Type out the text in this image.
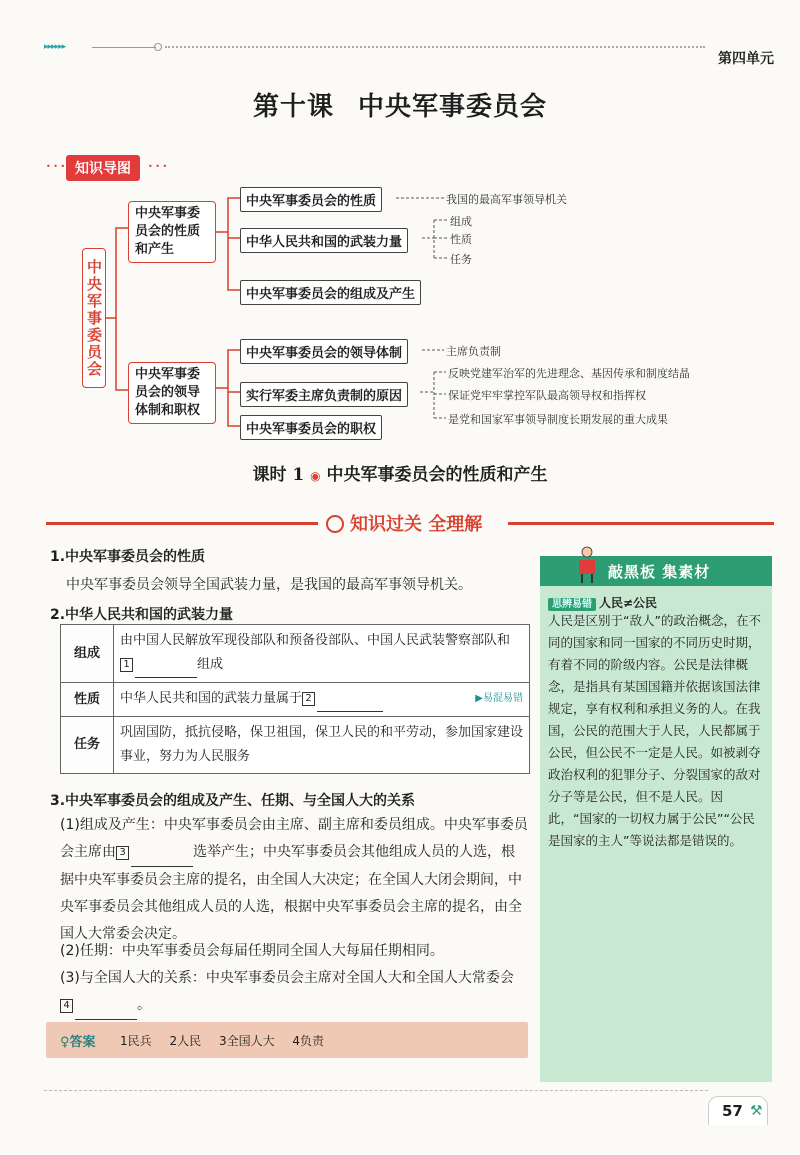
▸▸▸▸▸▸
第四单元
第十课 中央军事委员会
• • • 知识导图	• • •
中央军事委员会
中央军事委员会的性质和产生
中央军事委员会的领导体制和职权
中央军事委员会的性质
中华人民共和国的武装力量
中央军事委员会的组成及产生
中央军事委员会的领导体制
实行军委主席负责制的原因
中央军事委员会的职权
我国的最高军事领导机关
组成
性质
任务
主席负责制
反映党建军治军的先进理念、基因传承和制度结晶
保证党牢牢掌控军队最高领导权和指挥权
是党和国家军事领导制度长期发展的重大成果
课时 1 ◉ 中央军事委员会的性质和产生
知识过关 全理解
1.中央军事委员会的性质
中央军事委员会领导全国武装力量，是我国的最高军事领导机关。
2.中华人民共和国的武装力量
组成	由中国人民解放军现役部队和预备役部队、中国人民武装警察部队和1 组成
性质	中华人民共和国的武装力量属于 2 ▶易混易错

任务	巩固国防，抵抗侵略，保卫祖国，保卫人民的和平劳动，参加国家建设事业，努力为人民服务
3.中央军事委员会的组成及产生、任期、与全国人大的关系
(1)组成及产生：中央军事委员会由主席、副主席和委员组成。中央军事委员会主席由 3	选举产生；中央军事委员会其他组成人员的人选，根据中央军事委员会主席的提名，由全国人大决定；在全国人大闭会期间，中央军事委员会其他组成人员的人选，根据中央军事委员会主席的提名，由全国人大常委会决定。
(2)任期：中央军事委员会每届任期同全国人大每届任期相同。
(3)与全国人大的关系：中央军事委员会主席对全国人大和全国人大常委会4	。
♀答案 1民兵 2人民 3全国人大 4负责
敲黑板 集素材
思辨易错 人民≠公民
人民是区别于“敌人”的政治概念，在不同的国家和同一国家的不同历史时期，有着不同的阶级内容。公民是法律概念，是指具有某国国籍并依据该国法律规定，享有权利和承担义务的人。在我国，公民的范围大于人民，人民都属于公民，但公民不一定是人民。如被剥夺政治权利的犯罪分子、分裂国家的敌对分子等是公民，但不是人民。因此，“国家的一切权力属于公民”“公民是国家的主人”等说法都是错误的。
57 ⚒
